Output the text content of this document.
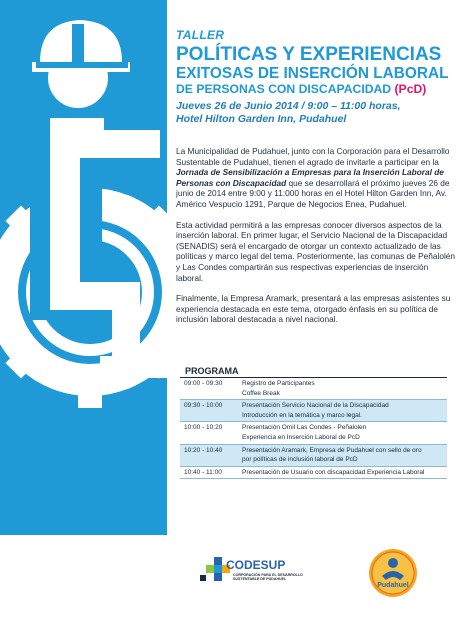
TALLER
POLÍTICAS Y EXPERIENCIAS
EXITOSAS DE INSERCIÓN LABORAL
DE PERSONAS CON DISCAPACIDAD (PcD)
Jueves 26 de Junio 2014 / 9:00 – 11:00 horas,
Hotel Hilton Garden Inn, Pudahuel

La Municipalidad de Pudahuel, junto con la Corporación para el Desarrollo Sustentable de Pudahuel, tienen el agrado de invitarle a participar en la Jornada de Sensibilización a Empresas para la Inserción Laboral de Personas con Discapacidad que se desarrollará el próximo jueves 26 de junio de 2014 entre 9:00 y 11:000 horas en el Hotel Hilton Garden Inn, Av. Américo Vespucio 1291, Parque de Negocios Enea, Pudahuel.

Esta actividad permitirá a las empresas conocer diversos aspectos de la inserción laboral. En primer lugar, el Servicio Nacional de la Discapacidad (SENADIS) será el encargado de otorgar un contexto actualizado de las políticas y marco legal del tema. Posteriormente, las comunas de Peñalolén y Las Condes compartirán sus respectivas experiencias de inserción laboral.

Finalmente, la Empresa Aramark, presentará a las empresas asistentes su experiencia destacada en este tema, otorgado énfasis en su política de inclusión laboral destacada a nivel nacional.

PROGRAMA
09:00 - 09:30	Registro de Participantes
Coffee Break
09:30 - 10:00	Presentación Servicio Nacional de la Discapacidad
Introducción en la temática y marco legal.
10:00 - 10:20	Presentación Omil Las Condes - Peñalolen
Experiencia en Inserción Laboral de PcD
10:20 - 10:40	Presentación Aramark, Empresa de Pudahuel con sello de oro
por políticas de inclusión laboral de PcD
10:40 - 11:00	Presentación de Usuario con discapacidad Experiencia Laboral
CODESUP
CORPORACIÓN PARA EL DESARROLLO
SUSTENTABLE DE PUDAHUEL
Pudahuel
